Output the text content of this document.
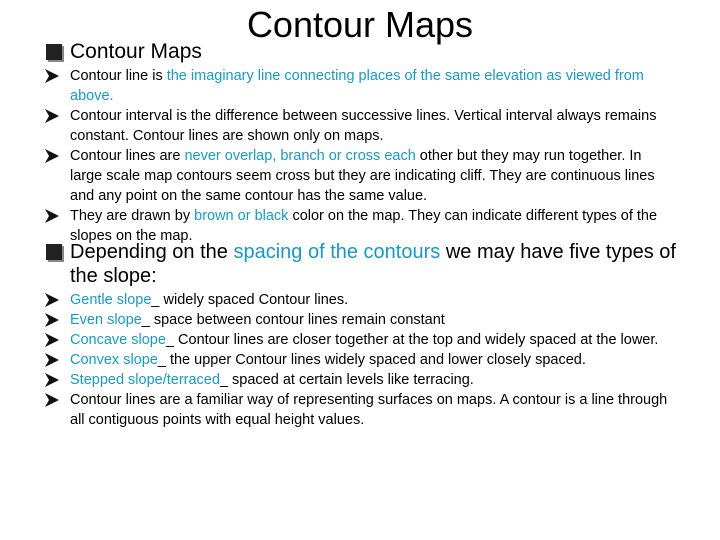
Contour Maps
Contour Maps
Contour line is the imaginary line connecting places of the same elevation as viewed from above.
Contour interval is the difference between successive lines. Vertical interval always remains constant. Contour lines are shown only on maps.
Contour lines are never overlap, branch or cross each other but they may run together. In large scale map contours seem cross but they are indicating cliff. They are continuous lines and any point on the same contour has the same value.
They are drawn by brown or black color on the map. They can indicate different types of the slopes on the map.
Depending on the spacing of the contours we may have five types of the slope:
Gentle slope_ widely spaced Contour lines.
Even slope_ space between contour lines remain constant
Concave slope_ Contour lines are closer together at the top and widely spaced at the lower.
Convex slope_ the upper Contour lines widely spaced and lower closely spaced.
Stepped slope/terraced_ spaced at certain levels like terracing.
Contour lines are a familiar way of representing surfaces on maps. A contour is a line through all contiguous points with equal height values.
